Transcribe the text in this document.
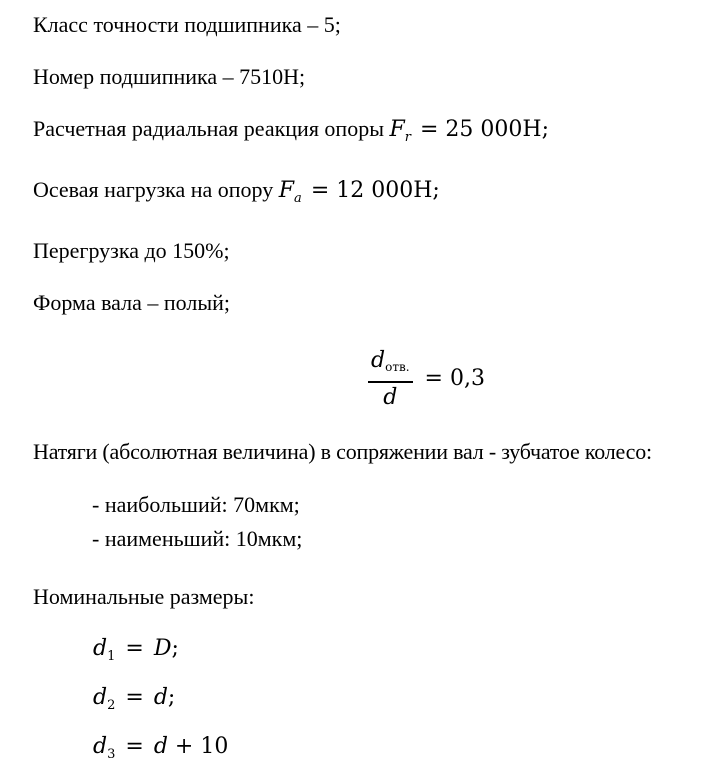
Класс точности подшипника – 5;

Номер подшипника – 7510Н;

Расчетная радиальная реакция опоры $F_r = 25$ 000Н;

Осевая нагрузка на опору $F_a = 12$ 000Н;

Перегрузка до 150%;

Форма вала – полый;

$\frac{\text{dотв.}}{d} = 0,3$

Натяги (абсолютная величина) в сопряжении вал - зубчатое колесо:

- наибольший: 70мкм;

- наименьший: 10мкм;

Номинальные размеры:

$d_1 = D$;

$d_2 = d$;

$d_3 = d + 10$
